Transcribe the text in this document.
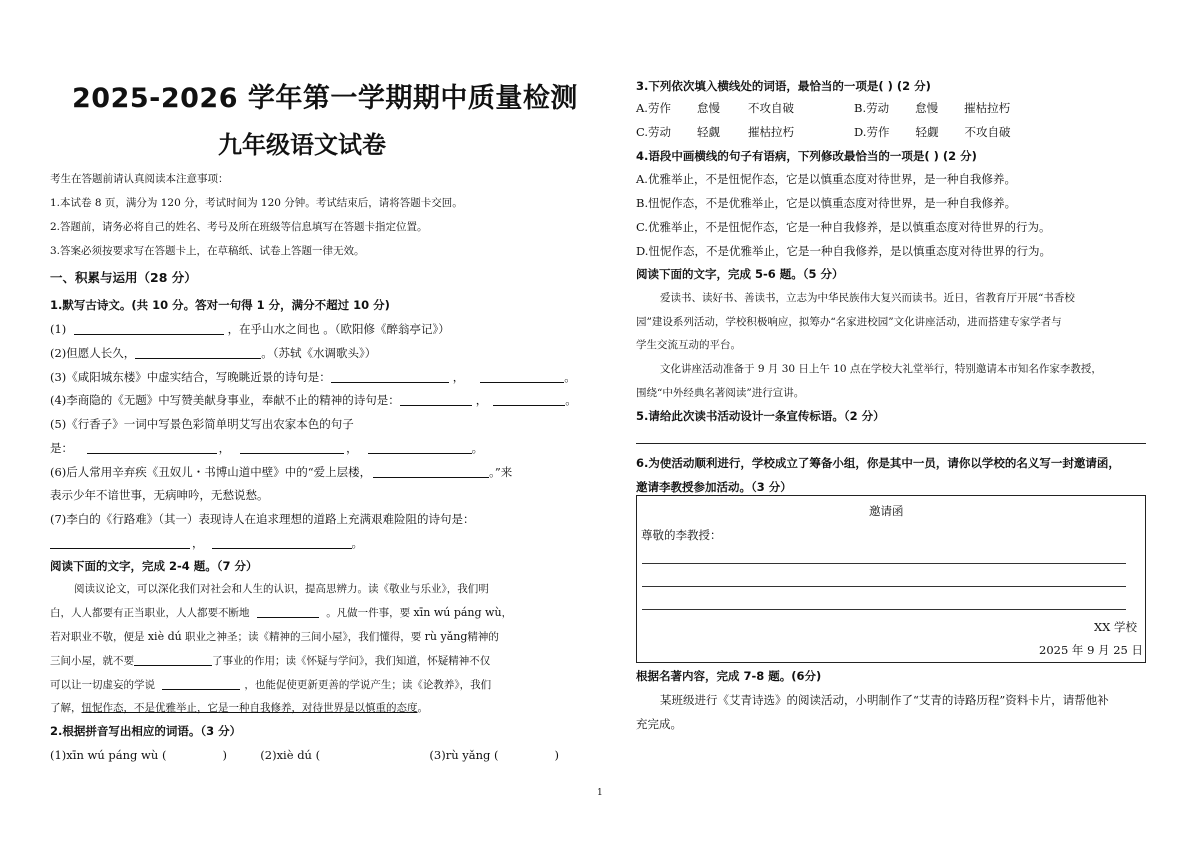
2025-2026 学年第一学期期中质量检测
九年级语文试卷
考生在答题前请认真阅读本注意事项：
1.本试卷 8 页，满分为 120 分，考试时间为 120 分钟。考试结束后，请将答题卡交回。
2.答题前，请务必将自己的姓名、考号及所在班级等信息填写在答题卡指定位置。
3.答案必须按要求写在答题卡上，在草稿纸、试卷上答题一律无效。
一、积累与运用（28 分）
1.默写古诗文。(共 10 分。答对一句得 1 分，满分不超过 10 分)
(1)	，在乎山水之间也 。（欧阳修《醉翁亭记》）
(2)但愿人长久，	。（苏轼《水调歌头》）
(3)《咸阳城东楼》中虚实结合，写晚眺近景的诗句是：	，	。
(4)李商隐的《无题》中写赞美献身事业，奉献不止的精神的诗句是：	，	。
(5)《行香子》一词中写景色彩简单明艾写出农家本色的句子
是：	，	，	。
(6)后人常用辛弃疾《丑奴儿・书博山道中壁》中的“爱上层楼，	。”来
表示少年不谙世事，无病呻吟，无愁说愁。
(7)李白的《行路难》（其一）表现诗人在追求理想的道路上充满艰难险阻的诗句是：
，	。
阅读下面的文字，完成 2-4 题。（7 分）
阅读议论文，可以深化我们对社会和人生的认识，提高思辨力。读《敬业与乐业》，我们明
白，人人都要有正当职业，人人都要不断地	。凡做一件事，要 xīn wú páng wù，
若对职业不敬，便是 xiè dú 职业之神圣；读《精神的三间小屋》，我们懂得，要 rù yǎng精神的
三间小屋，就不要	了事业的作用；读《怀疑与学问》，我们知道，怀疑精神不仅
可以让一切虚妄的学说	，也能促使更新更善的学说产生；读《论教养》，我们
了解，忸怩作态，不是优雅举止，它是一种自我修养，对待世界是以慎重的态度。
2.根据拼音写出相应的词语。（3 分）
(1)xīn wú páng wù (	)	(2)xiè dú (	(3)rù yǎng (	)
3.下列依次填入横线处的词语，最恰当的一项是( ) (2 分)
A.劳作 怠慢 不攻自破	B.劳动 怠慢 摧枯拉朽
C.劳动 轻觑 摧枯拉朽	D.劳作 轻觑 不攻自破
4.语段中画横线的句子有语病，下列修改最恰当的一项是( ) (2 分)
A.优雅举止，不是忸怩作态，它是以慎重态度对待世界，是一种自我修养。
B.忸怩作态，不是优雅举止，它是以慎重态度对待世界，是一种自我修养。
C.优雅举止，不是忸怩作态，它是一种自我修养，是以慎重态度对待世界的行为。
D.忸怩作态，不是优雅举止，它是一种自我修养，是以慎重态度对待世界的行为。
阅读下面的文字，完成 5-6 题。（5 分）
爱读书、读好书、善读书，立志为中华民族伟大复兴而读书。近日，省教育厅开展“书香校
园”建设系列活动，学校积极响应，拟筹办“名家进校园”文化讲座活动，进而搭建专家学者与
学生交流互动的平台。
文化讲座活动准备于 9 月 30 日上午 10 点在学校大礼堂举行，特别邀请本市知名作家李教授，
围绕“中外经典名著阅读”进行宣讲。
5.请给此次读书活动设计一条宣传标语。（2 分）
6.为使活动顺利进行，学校成立了筹备小组，你是其中一员，请你以学校的名义写一封邀请函，
邀请李教授参加活动。（3 分）
邀请函
尊敬的李教授：
XX 学校
2025 年 9 月 25 日
根据名著内容，完成 7-8 题。(6分)
某班级进行《艾青诗选》的阅读活动，小明制作了“艾青的诗路历程”资料卡片，请帮他补
充完成。
1
